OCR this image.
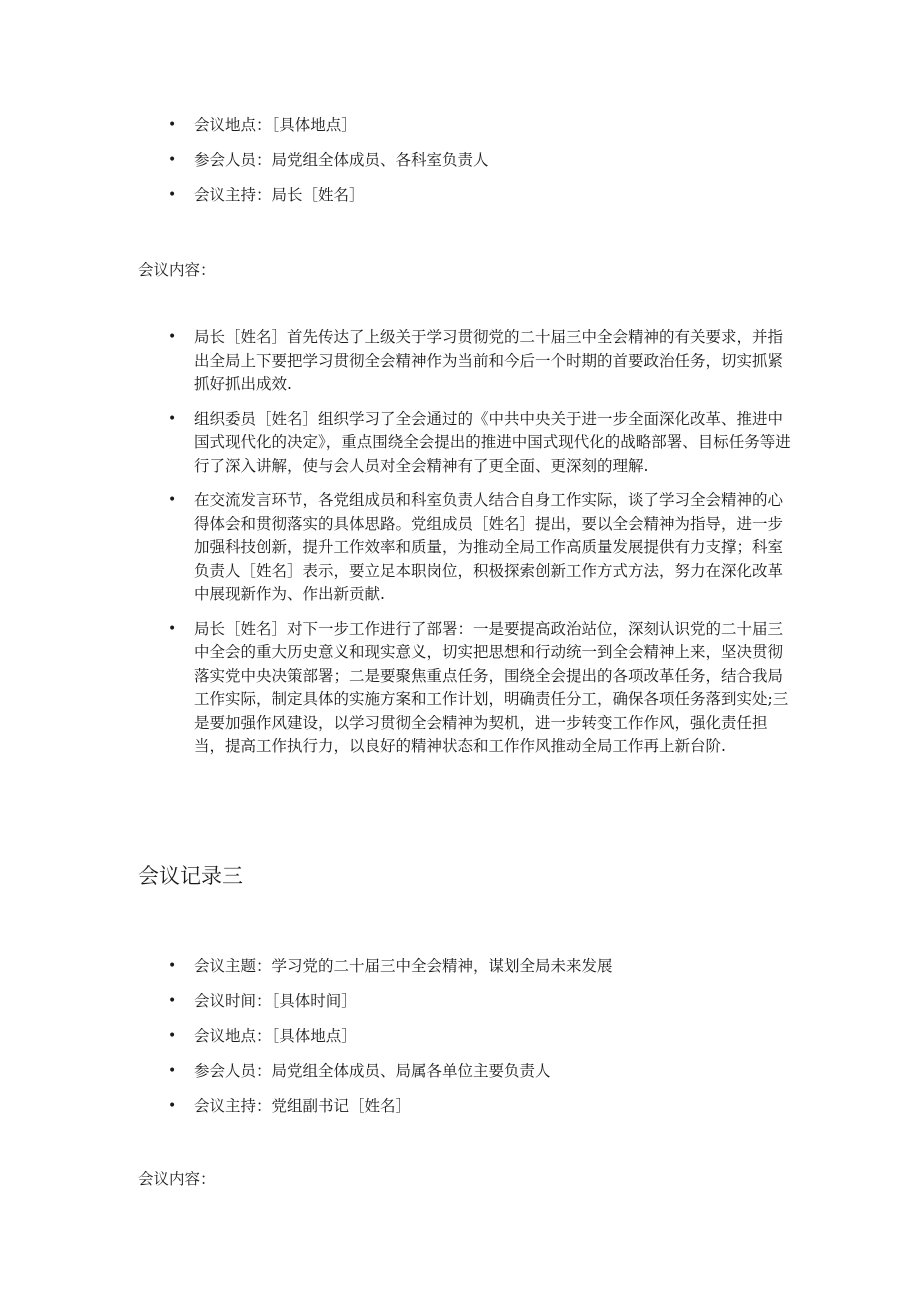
• 会议地点：［具体地点］
• 参会人员：局党组全体成员、各科室负责人
• 会议主持：局长［姓名］
会议内容：
• 局长［姓名］首先传达了上级关于学习贯彻党的二十届三中全会精神的有关要求，并指出全局上下要把学习贯彻全会精神作为当前和今后一个时期的首要政治任务，切实抓紧抓好抓出成效.
• 组织委员［姓名］组织学习了全会通过的《中共中央关于进一步全面深化改革、推进中国式现代化的决定》，重点围绕全会提出的推进中国式现代化的战略部署、目标任务等进行了深入讲解，使与会人员对全会精神有了更全面、更深刻的理解.
• 在交流发言环节，各党组成员和科室负责人结合自身工作实际，谈了学习全会精神的心得体会和贯彻落实的具体思路。党组成员［姓名］提出，要以全会精神为指导，进一步加强科技创新，提升工作效率和质量，为推动全局工作高质量发展提供有力支撑；科室负责人［姓名］表示，要立足本职岗位，积极探索创新工作方式方法，努力在深化改革中展现新作为、作出新贡献.
• 局长［姓名］对下一步工作进行了部署：一是要提高政治站位，深刻认识党的二十届三中全会的重大历史意义和现实意义，切实把思想和行动统一到全会精神上来，坚决贯彻落实党中央决策部署；二是要聚焦重点任务，围绕全会提出的各项改革任务，结合我局工作实际，制定具体的实施方案和工作计划，明确责任分工，确保各项任务落到实处;三是要加强作风建设，以学习贯彻全会精神为契机，进一步转变工作作风，强化责任担当，提高工作执行力，以良好的精神状态和工作作风推动全局工作再上新台阶.
会议记录三
• 会议主题：学习党的二十届三中全会精神，谋划全局未来发展
• 会议时间：［具体时间］
• 会议地点：［具体地点］
• 参会人员：局党组全体成员、局属各单位主要负责人
• 会议主持：党组副书记［姓名］
会议内容：
